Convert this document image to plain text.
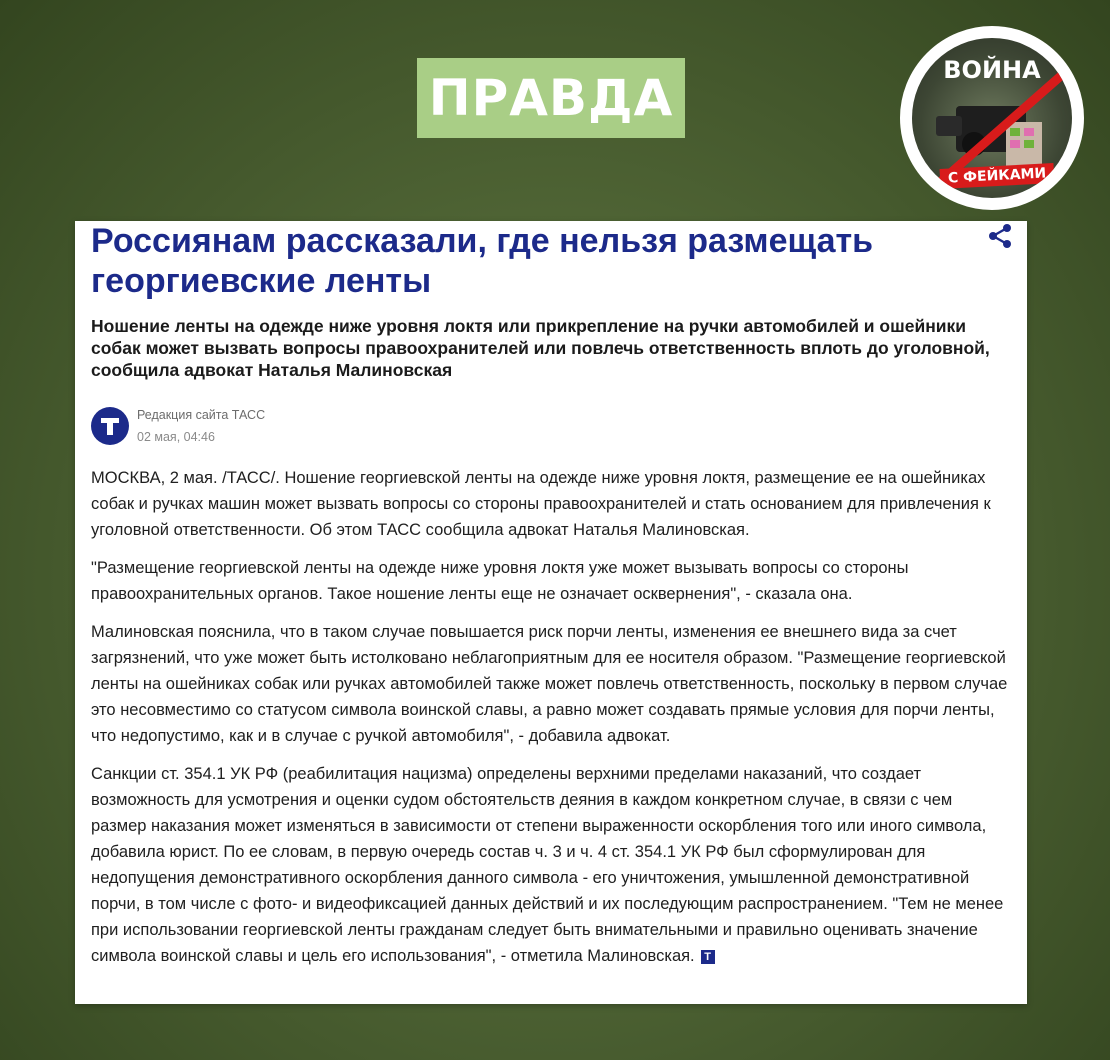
ПРАВДА	ВОЙНА
С ФЕЙКАМИ
Россиянам рассказали, где нельзя размещать георгиевские ленты

Ношение ленты на одежде ниже уровня локтя или прикрепление на ручки автомобилей и ошейники собак может вызвать вопросы правоохранителей или повлечь ответственность вплоть до уголовной, сообщила адвокат Наталья Малиновская

Редакция сайта ТАСС
02 мая, 04:46

МОСКВА, 2 мая. /ТАСС/. Ношение георгиевской ленты на одежде ниже уровня локтя, размещение ее на ошейниках собак и ручках машин может вызвать вопросы со стороны правоохранителей и стать основанием для привлечения к уголовной ответственности. Об этом ТАСС сообщила адвокат Наталья Малиновская.

"Размещение георгиевской ленты на одежде ниже уровня локтя уже может вызывать вопросы со стороны правоохранительных органов. Такое ношение ленты еще не означает осквернения", - сказала она.

Малиновская пояснила, что в таком случае повышается риск порчи ленты, изменения ее внешнего вида за счет загрязнений, что уже может быть истолковано неблагоприятным для ее носителя образом. "Размещение георгиевской ленты на ошейниках собак или ручках автомобилей также может повлечь ответственность, поскольку в первом случае это несовместимо со статусом символа воинской славы, а равно может создавать прямые условия для порчи ленты, что недопустимо, как и в случае с ручкой автомобиля", - добавила адвокат.

Санкции ст. 354.1 УК РФ (реабилитация нацизма) определены верхними пределами наказаний, что создает возможность для усмотрения и оценки судом обстоятельств деяния в каждом конкретном случае, в связи с чем размер наказания может изменяться в зависимости от степени выраженности оскорбления того или иного символа, добавила юрист. По ее словам, в первую очередь состав ч. 3 и ч. 4 ст. 354.1 УК РФ был сформулирован для недопущения демонстративного оскорбления данного символа - его уничтожения, умышленной демонстративной порчи, в том числе с фото- и видеофиксацией данных действий и их последующим распространением. "Тем не менее при использовании георгиевской ленты гражданам следует быть внимательными и правильно оценивать значение символа воинской славы и цель его использования", - отметила Малиновская. T
